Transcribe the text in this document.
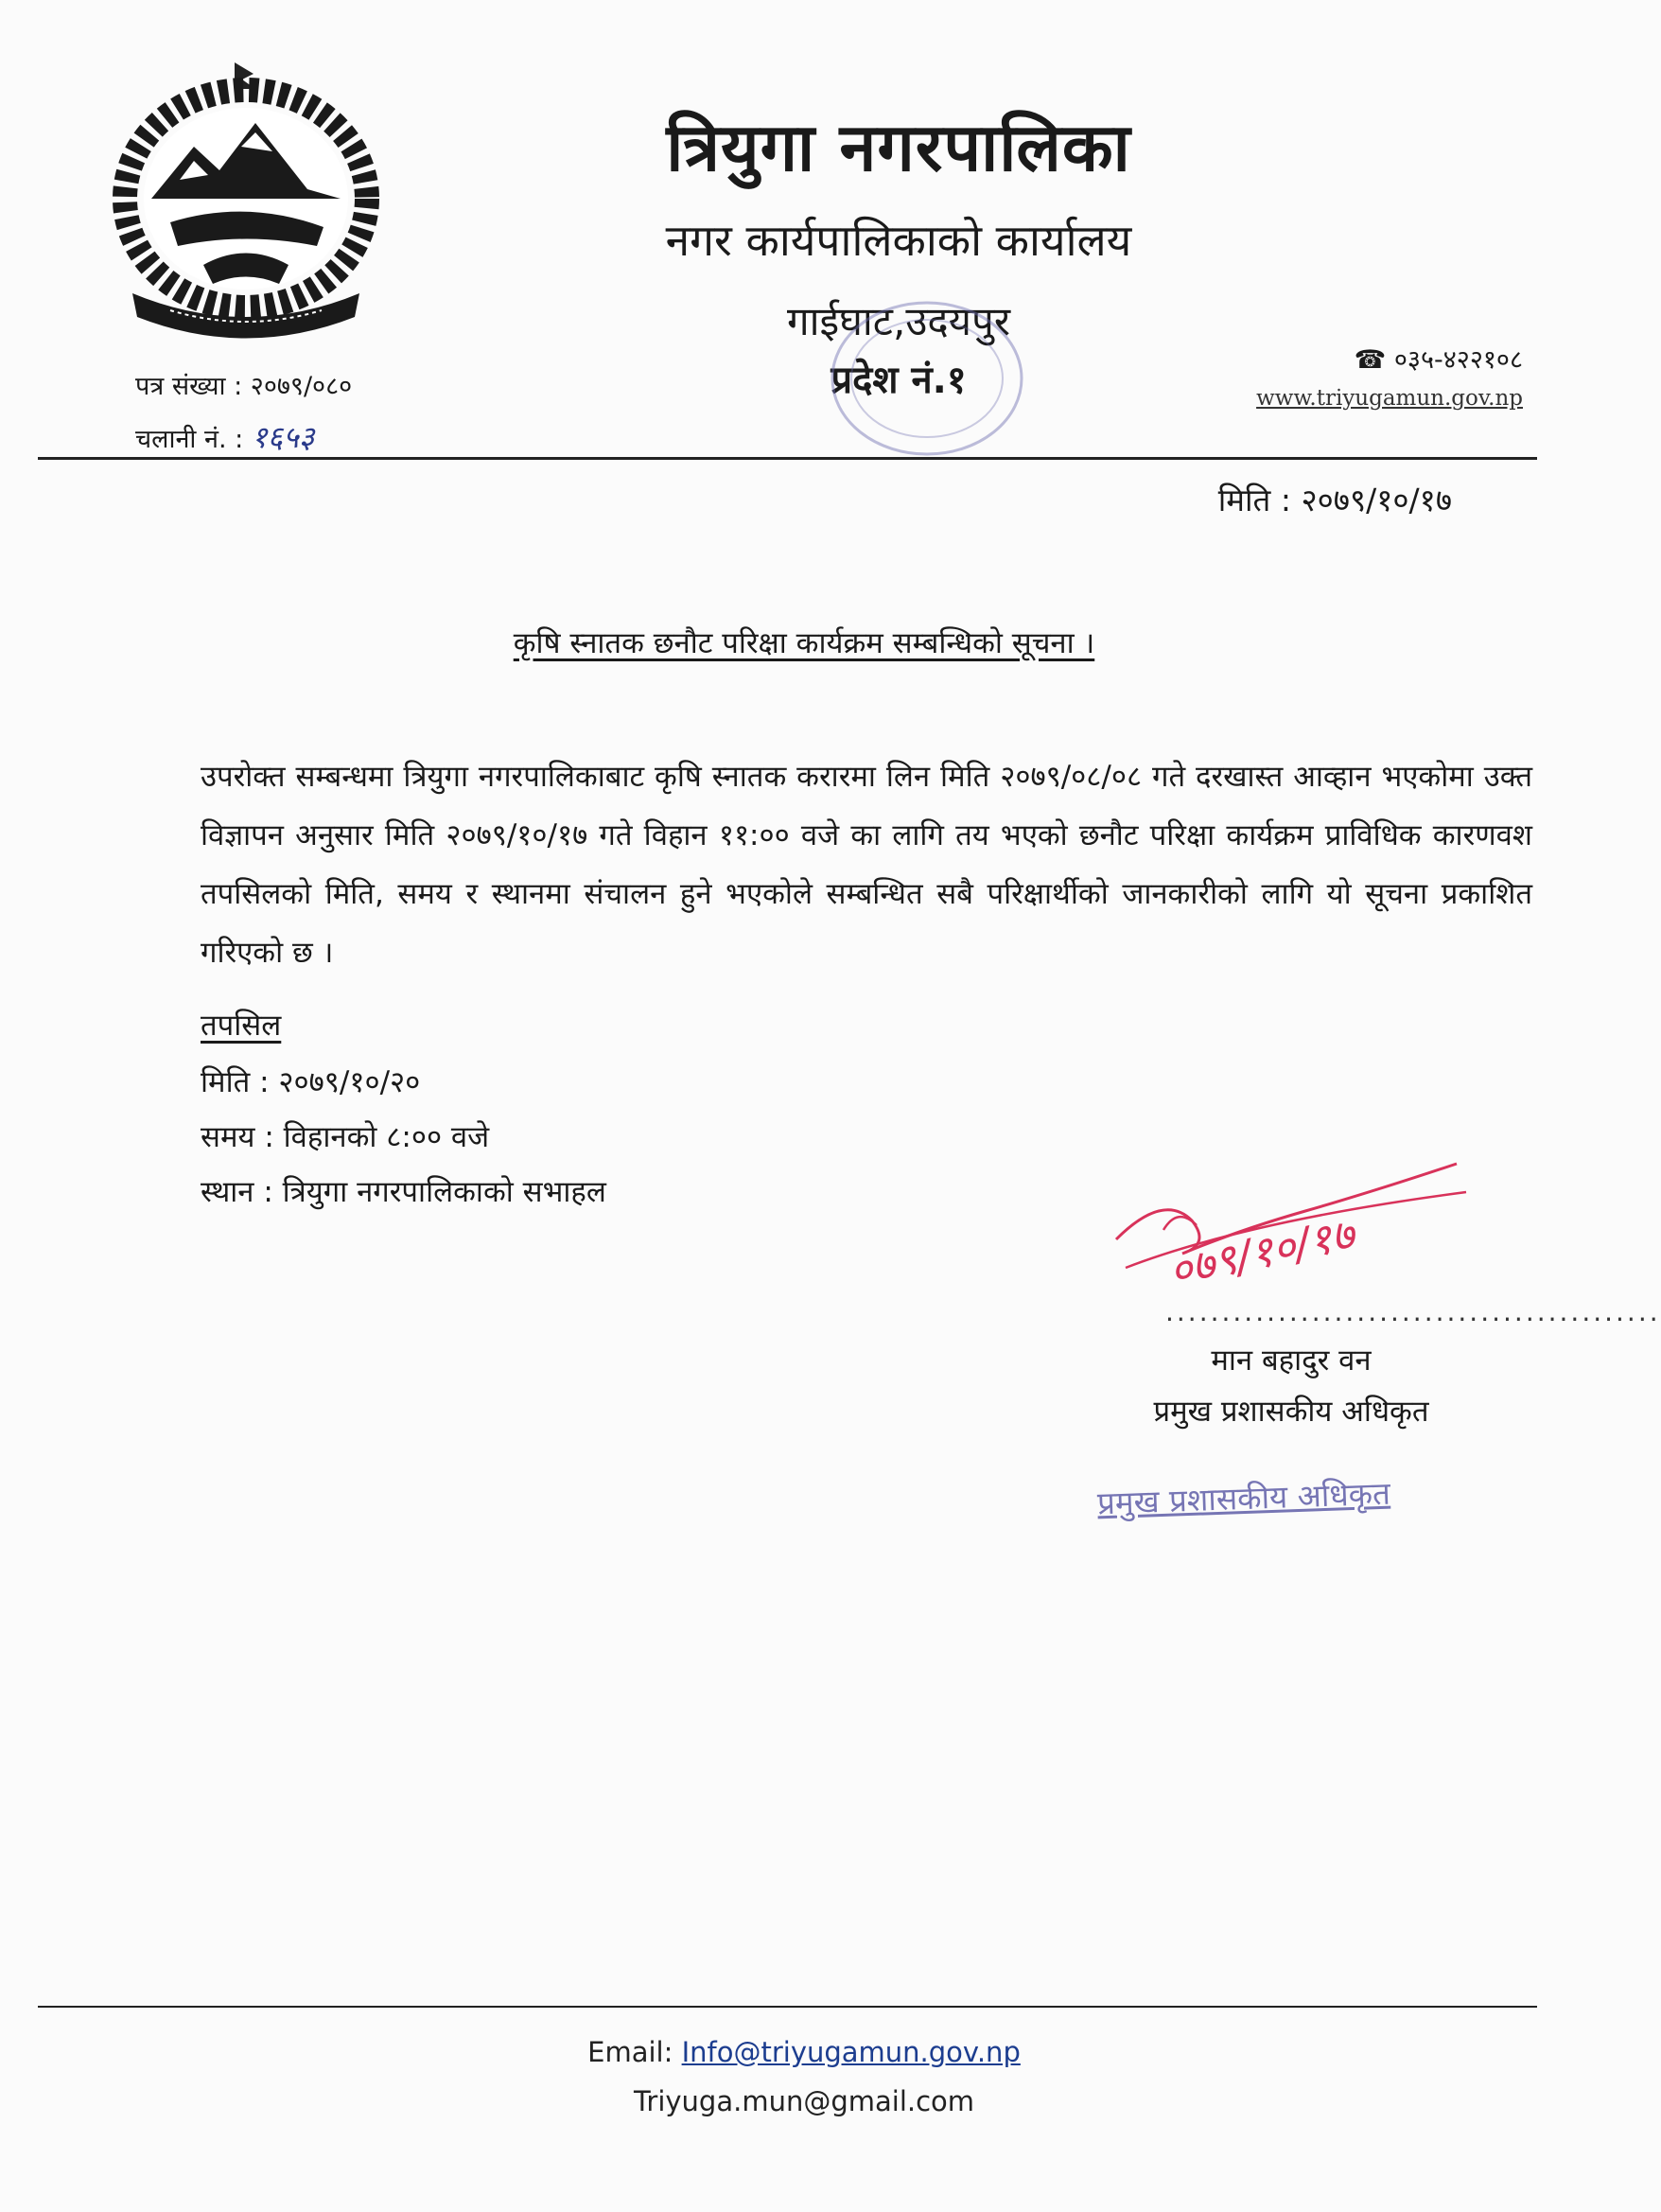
त्रियुगा नगरपालिका
नगर कार्यपालिकाको कार्यालय
गाईघाट,उदयपुर
प्रदेश नं.१
पत्र संख्या : २०७९/०८०
चलानी नं. : १६५३
☎ ०३५-४२२१०८
www.triyugamun.gov.np
मिति : २०७९/१०/१७
कृषि स्नातक छनौट परिक्षा कार्यक्रम सम्बन्धिको सूचना ।
उपरोक्त सम्बन्धमा त्रियुगा नगरपालिकाबाट कृषि स्नातक करारमा लिन मिति २०७९/०८/०८ गते दरखास्त आव्हान भएकोमा उक्त विज्ञापन अनुसार मिति २०७९/१०/१७ गते विहान ११:०० वजे का लागि तय भएको छनौट परिक्षा कार्यक्रम प्राविधिक कारणवश तपसिलको मिति, समय र स्थानमा संचालन हुने भएकोले सम्बन्धित सबै परिक्षार्थीको जानकारीको लागि यो सूचना प्रकाशित गरिएको छ ।
तपसिल
मिति : २०७९/१०/२०
समय : विहानको ८:०० वजे
स्थान : त्रियुगा नगरपालिकाको सभाहल
०७९/१०/१७
............................................
मान बहादुर वन
प्रमुख प्रशासकीय अधिकृत
प्रमुख प्रशासकीय अधिकृत
Email: Info@triyugamun.gov.np
Triyuga.mun@gmail.com
